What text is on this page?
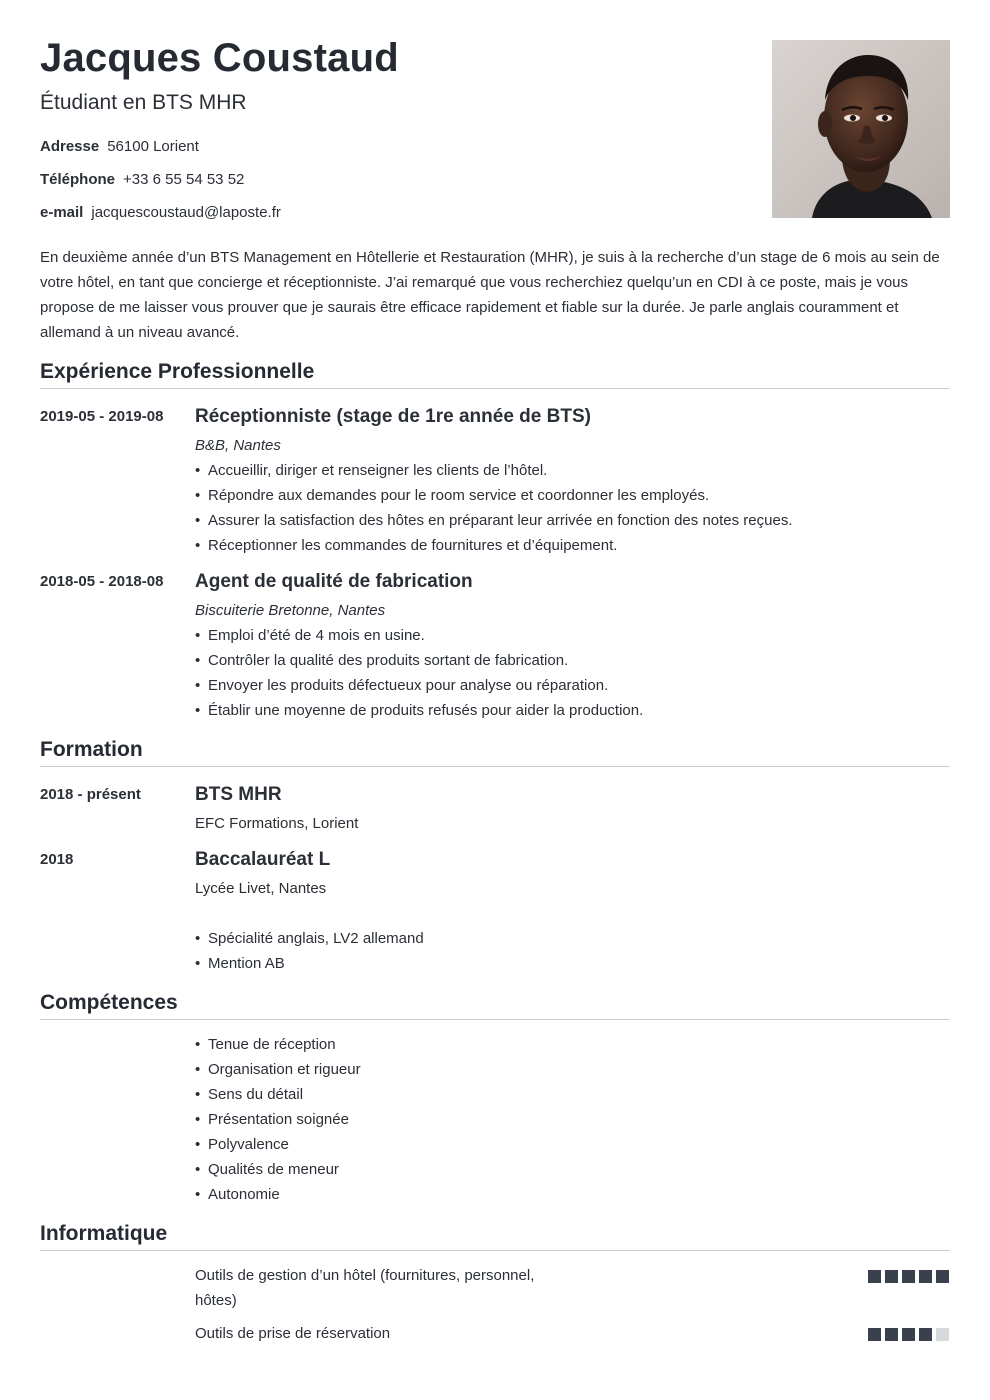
Jacques Coustaud
Étudiant en BTS MHR
Adresse 56100 Lorient
Téléphone +33 6 55 54 53 52
e-mail jacquescoustaud@laposte.fr
En deuxième année d’un BTS Management en Hôtellerie et Restauration (MHR), je suis à la recherche d’un stage de 6 mois au sein de votre hôtel, en tant que concierge et réceptionniste. J’ai remarqué que vous recherchiez quelqu’un en CDI à ce poste, mais je vous propose de me laisser vous prouver que je saurais être efficace rapidement et fiable sur la durée. Je parle anglais couramment et allemand à un niveau avancé.
Expérience Professionnelle
2019-05 - 2019-08 Réceptionniste (stage de 1re année de BTS)
B&B, Nantes
• Accueillir, diriger et renseigner les clients de l’hôtel.
• Répondre aux demandes pour le room service et coordonner les employés.
• Assurer la satisfaction des hôtes en préparant leur arrivée en fonction des notes reçues.
• Réceptionner les commandes de fournitures et d’équipement.
2018-05 - 2018-08 Agent de qualité de fabrication
Biscuiterie Bretonne, Nantes
• Emploi d’été de 4 mois en usine.
• Contrôler la qualité des produits sortant de fabrication.
• Envoyer les produits défectueux pour analyse ou réparation.
• Établir une moyenne de produits refusés pour aider la production.
Formation
2018 - présent	BTS MHR
EFC Formations, Lorient
2018	Baccalauréat L
Lycée Livet, Nantes
• Spécialité anglais, LV2 allemand
• Mention AB
Compétences
• Tenue de réception
• Organisation et rigueur
• Sens du détail
• Présentation soignée
• Polyvalence
• Qualités de meneur
• Autonomie
Informatique
Outils de gestion d’un hôtel (fournitures, personnel, hôtes)
Outils de prise de réservation
